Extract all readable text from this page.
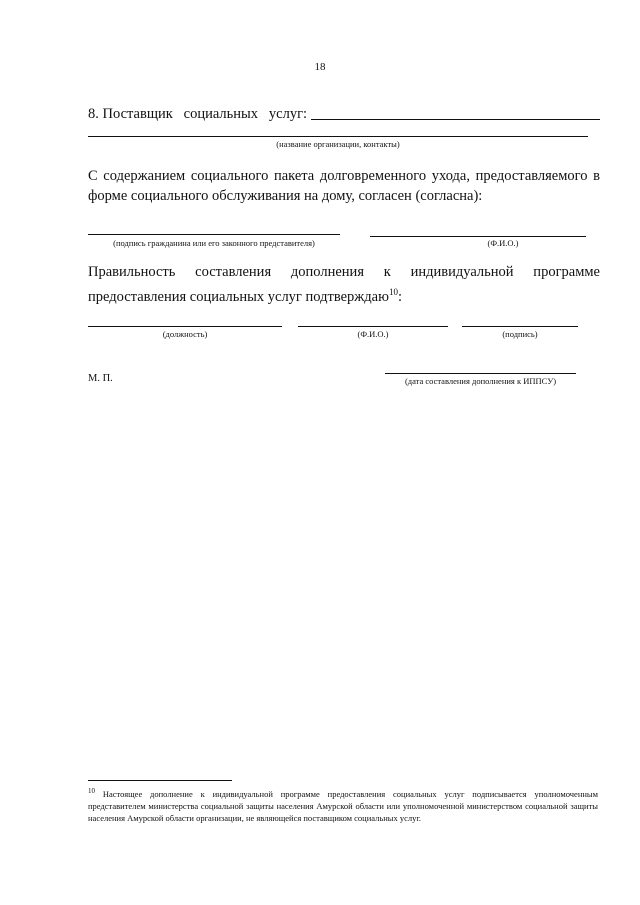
18
8. Поставщик   социальных   услуг:
(название организации, контакты)
С содержанием социального пакета долговременного ухода, предоставляемого в форме социального обслуживания на дому, согласен (согласна):
(подпись гражданина или его законного представителя)	(Ф.И.О.)
Правильность составления дополнения к индивидуальной программе предоставления социальных услуг подтверждаю$^{10}$:
(должность)	(Ф.И.О.)	(подпись)
М. П.	(дата составления дополнения к ИППСУ)
$^{10}$ Настоящее дополнение к индивидуальной программе предоставления социальных услуг подписывается уполномоченным представителем министерства социальной защиты населения Амурской области или уполномоченной министерством социальной защиты населения Амурской области организации, не являющейся поставщиком социальных услуг.
